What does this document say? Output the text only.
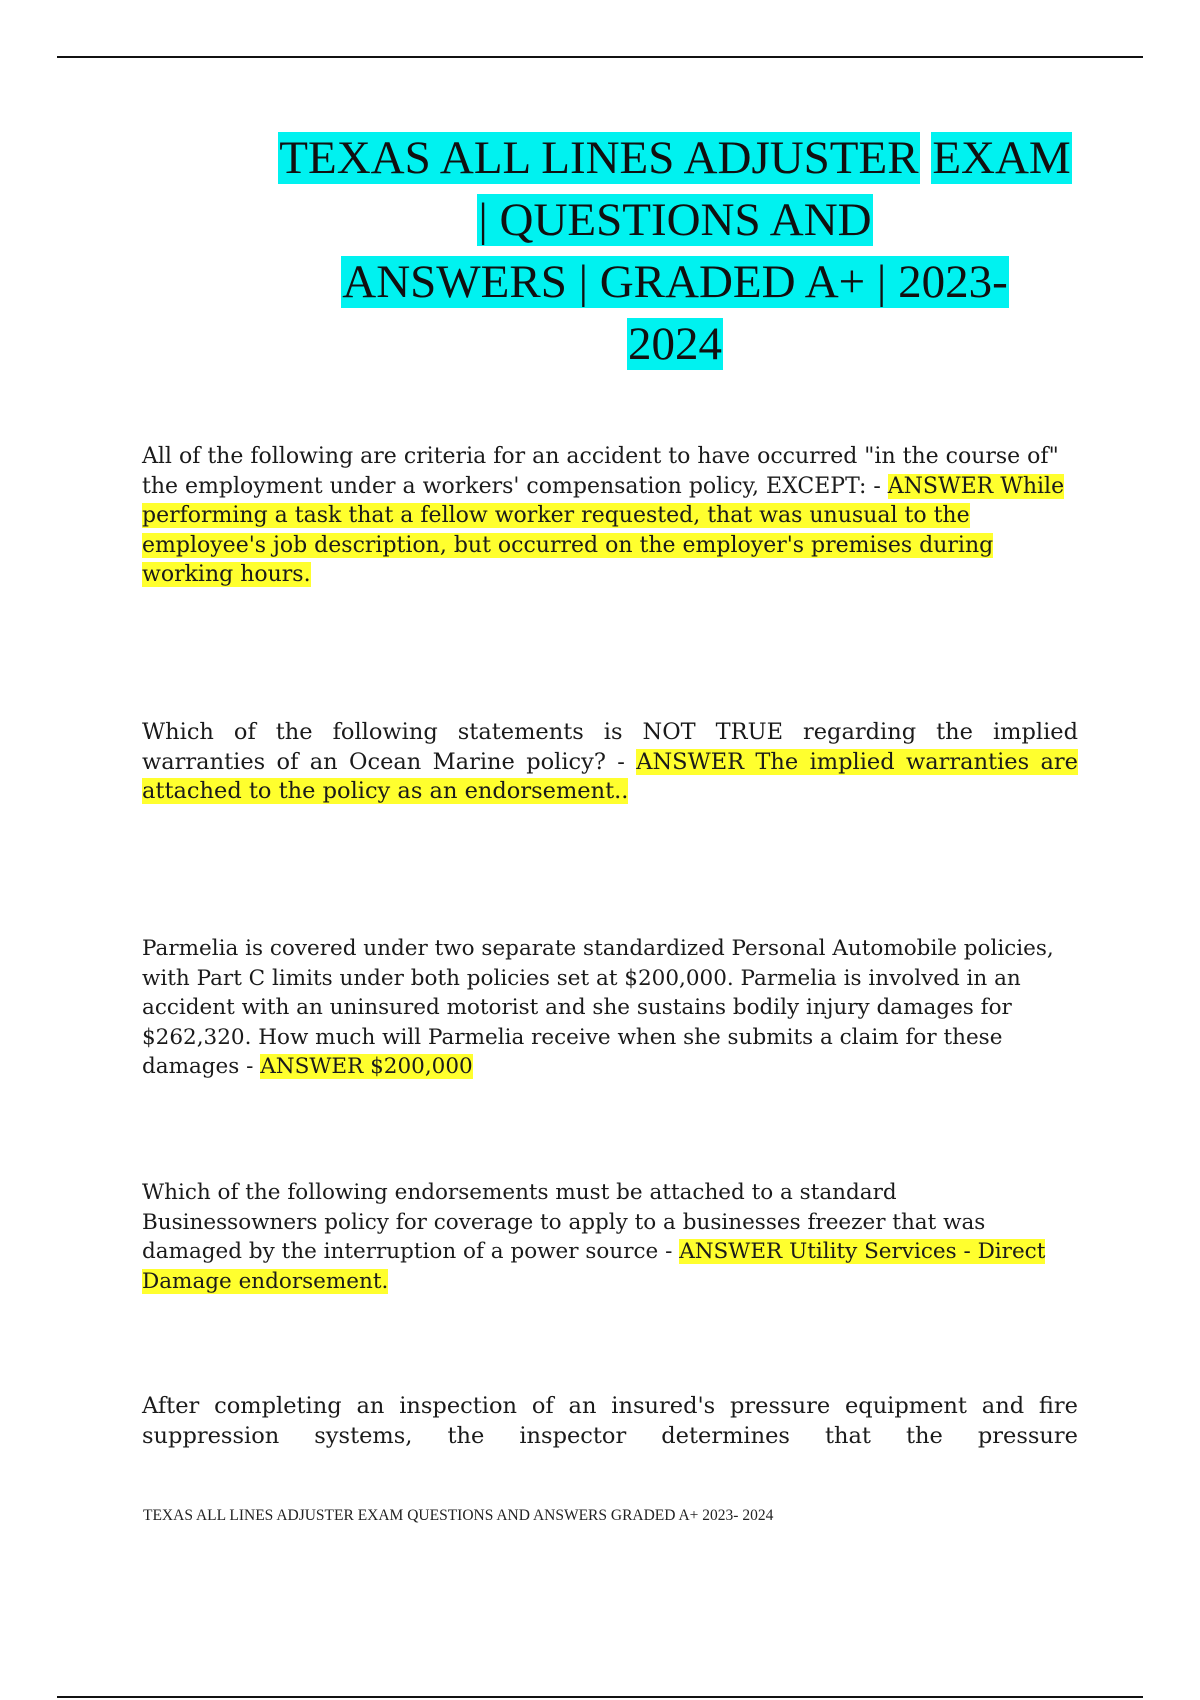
TEXAS ALL LINES ADJUSTER EXAM
| QUESTIONS AND
ANSWERS | GRADED A+ | 2023-
2024

All of the following are criteria for an accident to have occurred "in the course of" the employment under a workers' compensation policy, EXCEPT: - ANSWER While performing a task that a fellow worker requested, that was unusual to the employee's job description, but occurred on the employer's premises during working hours.

Which of the following statements is NOT TRUE regarding the implied warranties of an Ocean Marine policy? - ANSWER The implied warranties are attached to the policy as an endorsement..

Parmelia is covered under two separate standardized Personal Automobile policies, with Part C limits under both policies set at $200,000. Parmelia is involved in an accident with an uninsured motorist and she sustains bodily injury damages for $262,320. How much will Parmelia receive when she submits a claim for these damages - ANSWER $200,000

Which of the following endorsements must be attached to a standard Businessowners policy for coverage to apply to a businesses freezer that was damaged by the interruption of a power source - ANSWER Utility Services - Direct Damage endorsement.

After completing an inspection of an insured's pressure equipment and fire suppression systems, the inspector determines that the pressure

TEXAS ALL LINES ADJUSTER EXAM QUESTIONS AND ANSWERS GRADED A+ 2023- 2024
